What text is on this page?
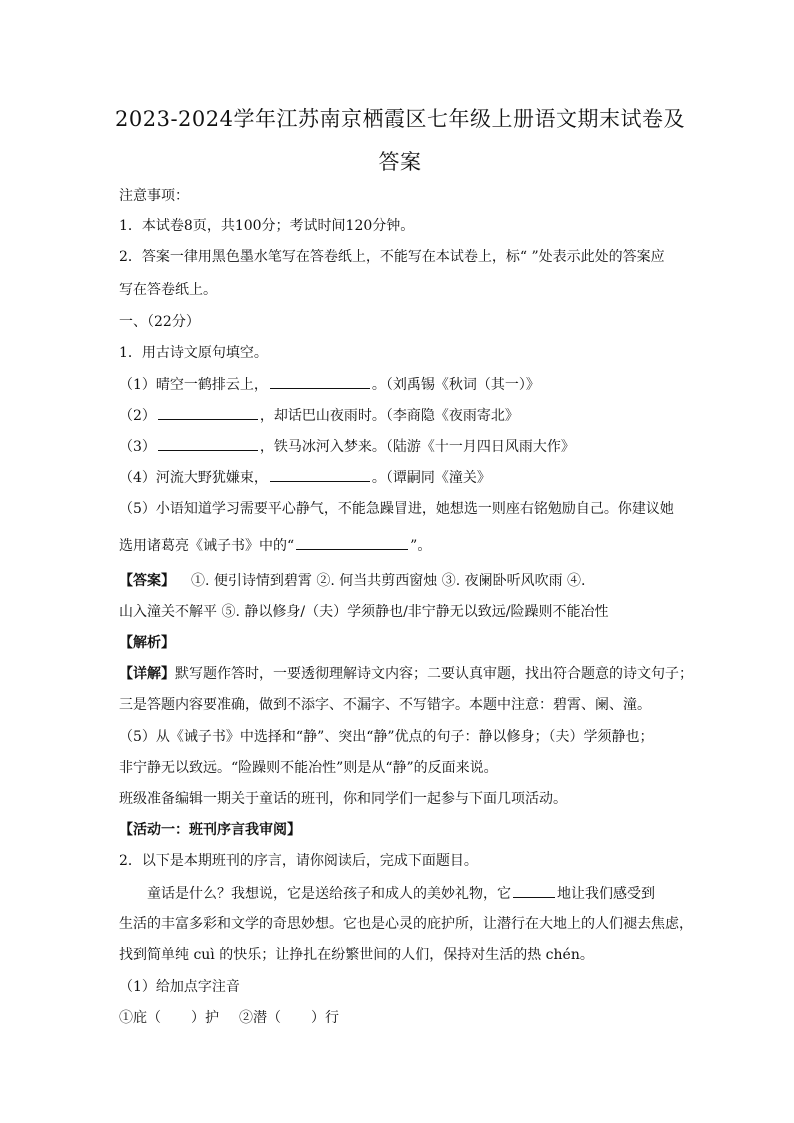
2023-2024学年江苏南京栖霞区七年级上册语文期末试卷及
答案
注意事项：
1．本试卷8页，共100分；考试时间120分钟。
2．答案一律用黑色墨水笔写在答卷纸上，不能写在本试卷上，标“ ”处表示此处的答案应
写在答卷纸上。
一、（22分）
1．用古诗文原句填空。
（1）晴空一鹤排云上，	。（刘禹锡《秋词（其一）》
（2）	，却话巴山夜雨时。（李商隐《夜雨寄北》
（3）	，铁马冰河入梦来。（陆游《十一月四日风雨大作》
（4）河流大野犹嫌束，	。（谭嗣同《潼关》
（5）小语知道学习需要平心静气，不能急躁冒进，她想选一则座右铭勉励自己。你建议她
选用诸葛亮《诫子书》中的“	”。
【答案】 ①. 便引诗情到碧霄 ②. 何当共剪西窗烛 ③. 夜阑卧听风吹雨 ④.
山入潼关不解平 ⑤. 静以修身/（夫）学须静也/非宁静无以致远/险躁则不能冶性
【解析】
【详解】默写题作答时，一要透彻理解诗文内容；二要认真审题，找出符合题意的诗文句子；
三是答题内容要准确，做到不添字、不漏字、不写错字。本题中注意：碧霄、阑、潼。
（5）从《诫子书》中选择和“静”、突出“静”优点的句子：静以修身；（夫）学须静也；
非宁静无以致远。“险躁则不能冶性”则是从“静”的反面来说。
班级准备编辑一期关于童话的班刊，你和同学们一起参与下面几项活动。
【活动一：班刊序言我审阅】
2．以下是本期班刊的序言，请你阅读后，完成下面题目。
童话是什么？我想说，它是送给孩子和成人的美妙礼物，它	地让我们感受到
生活的丰富多彩和文学的奇思妙想。它也是心灵的庇护所，让潜行在大地上的人们褪去焦虑，
找到简单纯 cuì 的快乐；让挣扎在纷繁世间的人们，保持对生活的热 chén。
（1）给加点字注音
①庇（ ）护 ②潜（ ）行
